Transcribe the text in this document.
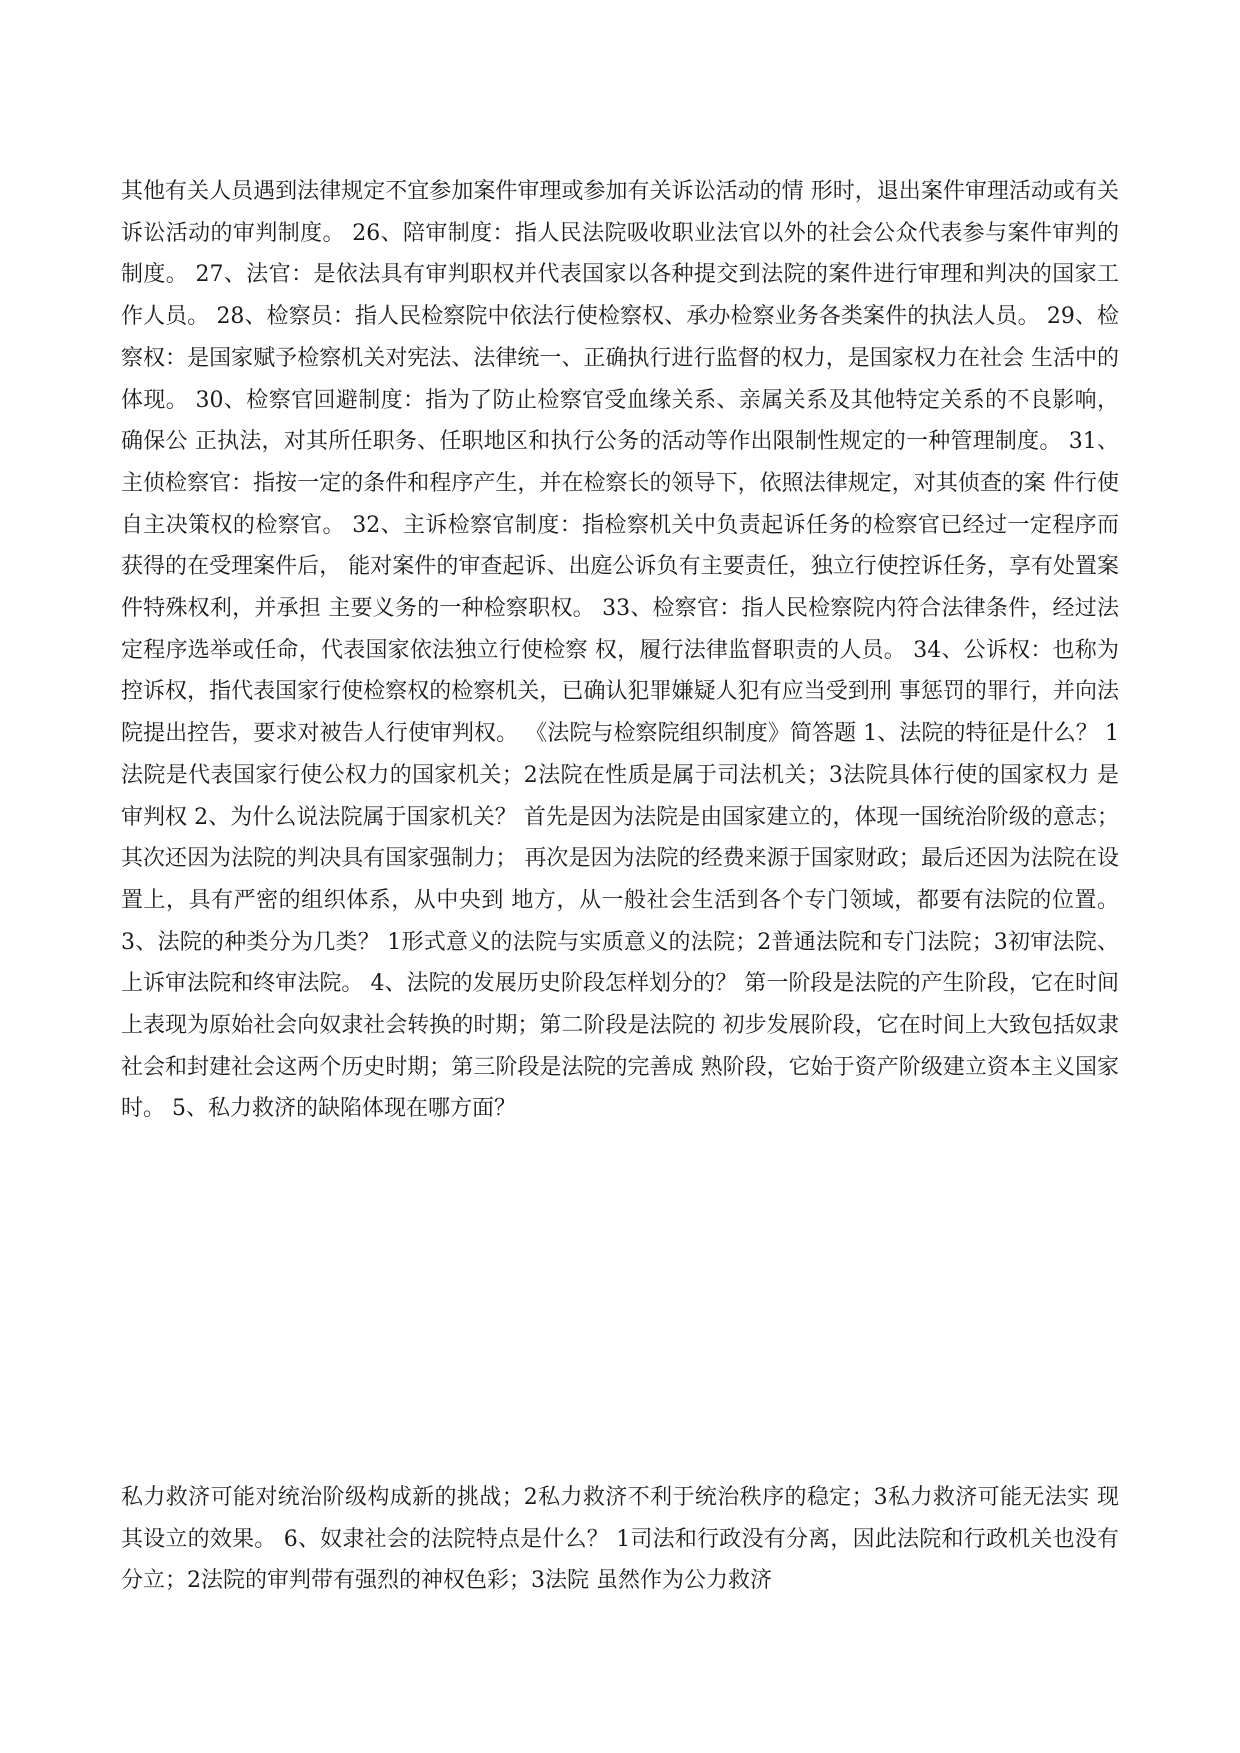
其他有关人员遇到法律规定不宜参加案件审理或参加有关诉讼活动的情 形时，退出案件审理活动或有关诉讼活动的审判制度。 26、陪审制度：指人民法院吸收职业法官以外的社会公众代表参与案件审判的制度。 27、法官：是依法具有审判职权并代表国家以各种提交到法院的案件进行审理和判决的国家工作人员。 28、检察员：指人民检察院中依法行使检察权、承办检察业务各类案件的执法人员。 29、检察权：是国家赋予检察机关对宪法、法律统一、正确执行进行监督的权力，是国家权力在社会 生活中的体现。 30、检察官回避制度：指为了防止检察官受血缘关系、亲属关系及其他特定关系的不良影响，确保公 正执法，对其所任职务、任职地区和执行公务的活动等作出限制性规定的一种管理制度。 31、主侦检察官：指按一定的条件和程序产生，并在检察长的领导下，依照法律规定，对其侦查的案 件行使自主决策权的检察官。 32、主诉检察官制度：指检察机关中负责起诉任务的检察官已经过一定程序而获得的在受理案件后， 能对案件的审查起诉、出庭公诉负有主要责任，独立行使控诉任务，享有处置案件特殊权利，并承担 主要义务的一种检察职权。 33、检察官：指人民检察院内符合法律条件，经过法定程序选举或任命，代表国家依法独立行使检察 权，履行法律监督职责的人员。 34、公诉权：也称为控诉权，指代表国家行使检察权的检察机关，已确认犯罪嫌疑人犯有应当受到刑 事惩罚的罪行，并向法院提出控告，要求对被告人行使审判权。 《法院与检察院组织制度》简答题 1、法院的特征是什么？ 1法院是代表国家行使公权力的国家机关；2法院在性质是属于司法机关；3法院具体行使的国家权力 是审判权 2、为什么说法院属于国家机关？ 首先是因为法院是由国家建立的，体现一国统治阶级的意志；其次还因为法院的判决具有国家强制力； 再次是因为法院的经费来源于国家财政；最后还因为法院在设置上，具有严密的组织体系，从中央到 地方，从一般社会生活到各个专门领域，都要有法院的位置。 3、法院的种类分为几类？ 1形式意义的法院与实质意义的法院；2普通法院和专门法院；3初审法院、上诉审法院和终审法院。 4、法院的发展历史阶段怎样划分的？ 第一阶段是法院的产生阶段，它在时间上表现为原始社会向奴隶社会转换的时期；第二阶段是法院的 初步发展阶段，它在时间上大致包括奴隶社会和封建社会这两个历史时期；第三阶段是法院的完善成 熟阶段，它始于资产阶级建立资本主义国家时。 5、私力救济的缺陷体现在哪方面？

私力救济可能对统治阶级构成新的挑战；2私力救济不利于统治秩序的稳定；3私力救济可能无法实 现其设立的效果。 6、奴隶社会的法院特点是什么？ 1司法和行政没有分离，因此法院和行政机关也没有分立；2法院的审判带有强烈的神权色彩；3法院 虽然作为公力救济
